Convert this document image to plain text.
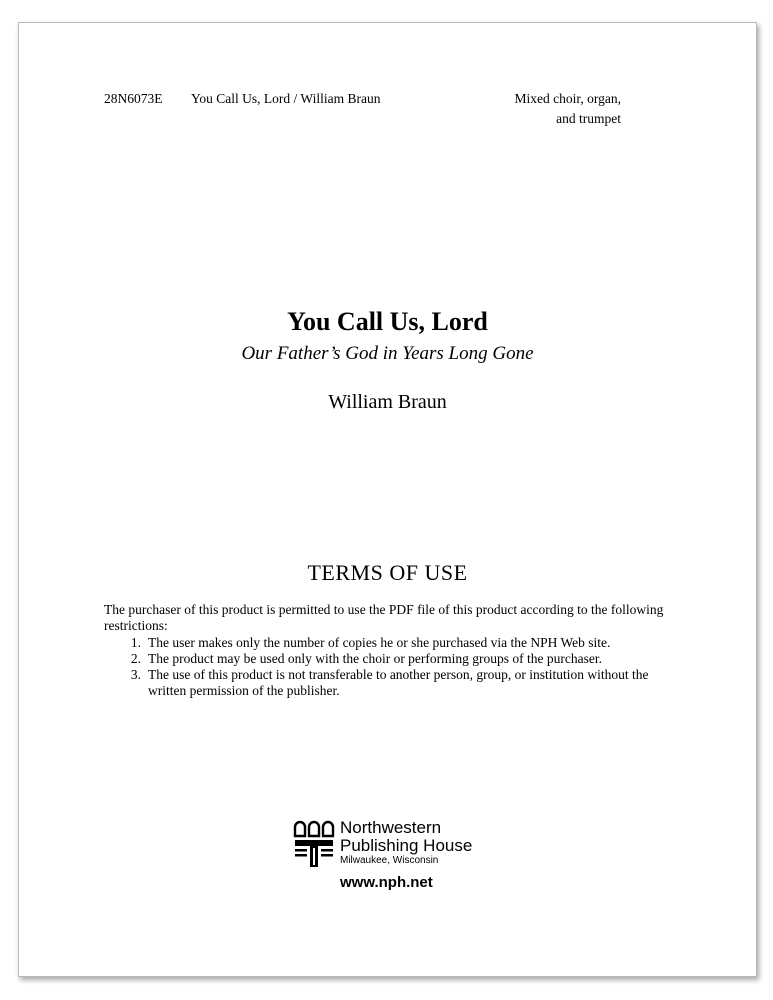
28N6073E You Call Us, Lord / William Braun	Mixed choir, organ,
and trumpet
You Call Us, Lord
Our Father’s God in Years Long Gone
William Braun
TERMS OF USE
The purchaser of this product is permitted to use the PDF file of this product according to the following restrictions:
1. The user makes only the number of copies he or she purchased via the NPH Web site.
2. The product may be used only with the choir or performing groups of the purchaser.
3. The use of this product is not transferable to another person, group, or institution without the written permission of the publisher.
Northwestern
Publishing House
Milwaukee, Wisconsin
www.nph.net
